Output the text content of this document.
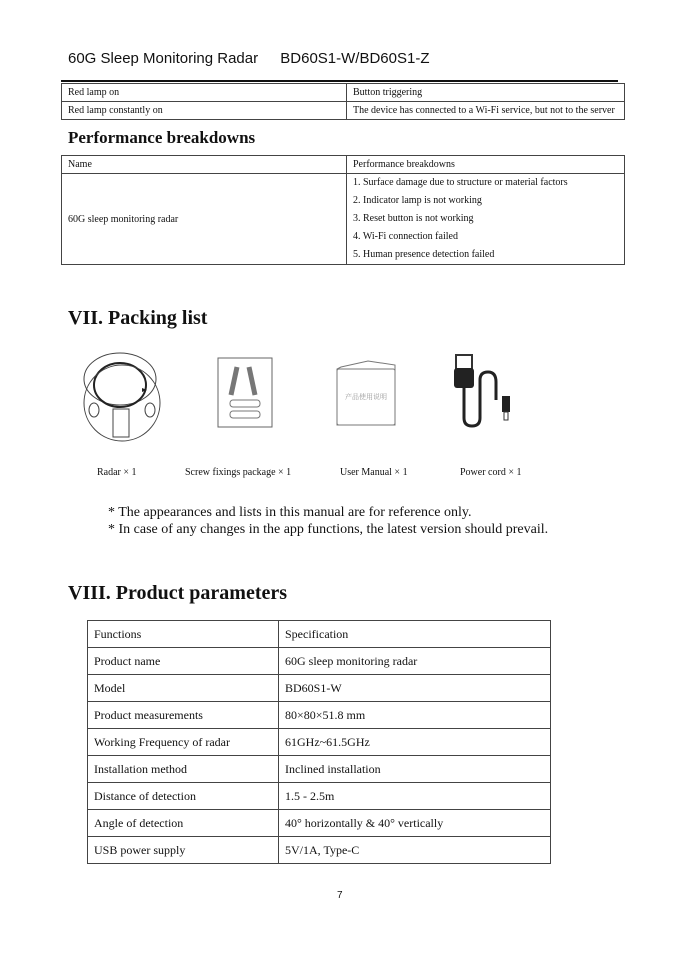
60G Sleep Monitoring Radar BD60S1-W/BD60S1-Z
Red lamp on	Button triggering
Red lamp constantly on	The device has connected to a Wi-Fi service, but not to the server
Performance breakdowns
Name	Performance breakdowns
60G sleep monitoring radar	1. Surface damage due to structure or material factors
2. Indicator lamp is not working
3. Reset button is not working
4. Wi-Fi connection failed
5. Human presence detection failed
VII. Packing list
产品使用说明
Radar × 1	Screw fixings package × 1	User Manual × 1	Power cord × 1
* The appearances and lists in this manual are for reference only.
* In case of any changes in the app functions, the latest version should prevail.
VIII. Product parameters
Functions	Specification
Product name	60G sleep monitoring radar
Model	BD60S1-W
Product measurements	80×80×51.8 mm
Working Frequency of radar	61GHz~61.5GHz
Installation method	Inclined installation
Distance of detection	1.5 - 2.5m
Angle of detection	40° horizontally & 40° vertically
USB power supply	5V/1A, Type-C
7
